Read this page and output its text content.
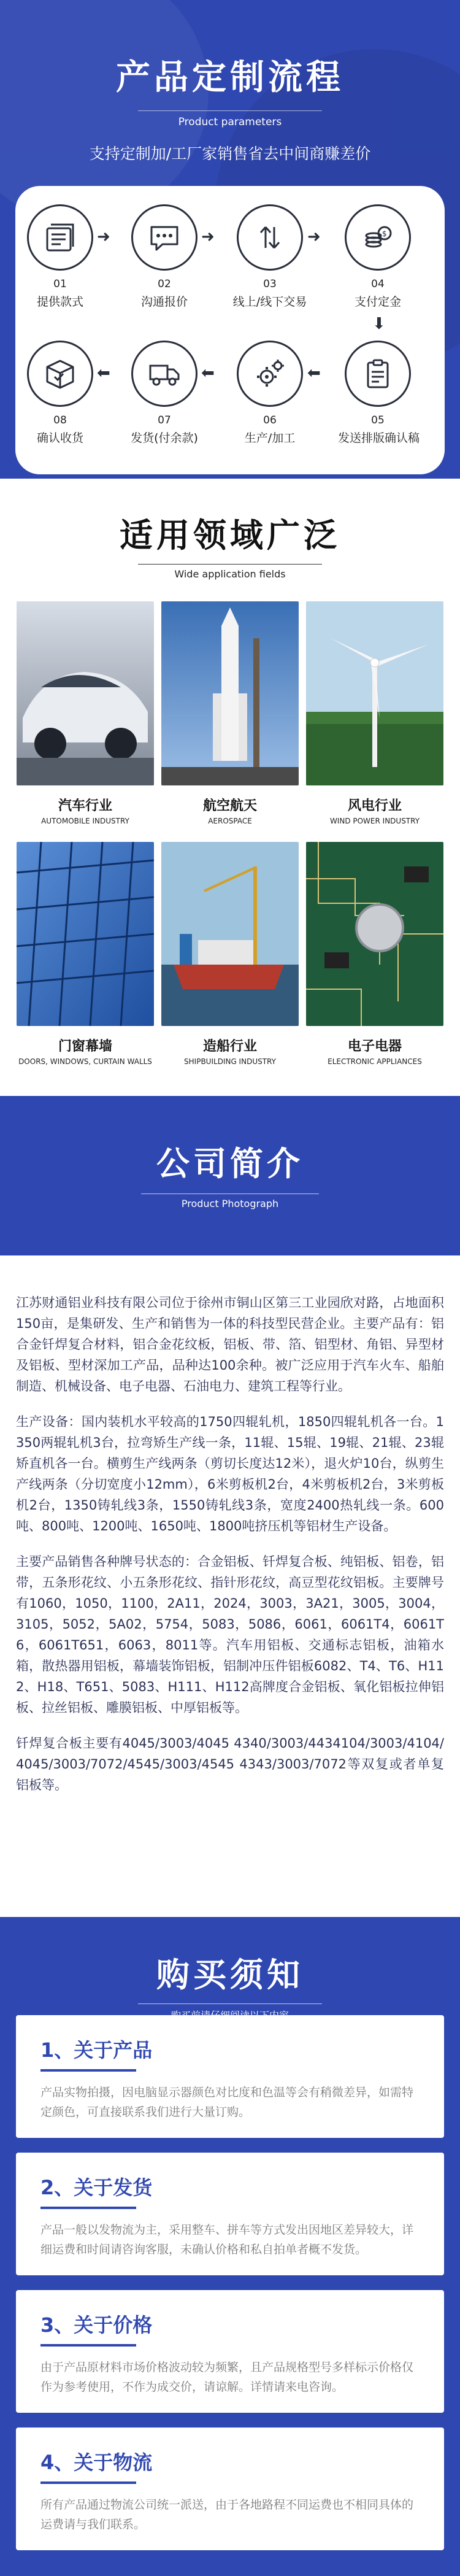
产品定制流程
Product parameters
支持定制加/工厂家销售省去中间商赚差价
01
提供款式
➜
02
沟通报价
➜
03
线上/线下交易
➜	$
04
支付定金
⬇
05
发送排版确认稿
⬅
06
生产/加工
⬅
07
发货(付余款)
⬅
08
确认收货
适用领域广泛
Wide application fields
汽车行业
AUTOMOBILE INDUSTRY
航空航天
AEROSPACE
风电行业
WIND POWER INDUSTRY
门窗幕墙
DOORS, WINDOWS, CURTAIN WALLS
造船行业
SHIPBUILDING INDUSTRY
电子电器
ELECTRONIC APPLIANCES
公司简介
Product Photograph

江苏财通铝业科技有限公司位于徐州市铜山区第三工业园欣对路，占地面积150亩，是集研发、生产和销售为一体的科技型民营企业。主要产品有：铝合金钎焊复合材料，铝合金花纹板，铝板、带、箔、铝型材、角铝、异型材及铝板、型材深加工产品，品种达100余种。被广泛应用于汽车火车、船舶制造、机械设备、电子电器、石油电力、建筑工程等行业。

生产设备：国内装机水平较高的1750四辊轧机，1850四辊轧机各一台。1350两辊轧机3台，拉弯矫生产线一条，11辊、15辊、19辊、21辊、23辊矫直机各一台。横剪生产线两条（剪切长度达12米），退火炉10台，纵剪生产线两条（分切宽度小12mm），6米剪板机2台，4米剪板机2台，3米剪板机2台，1350铸轧线3条，1550铸轧线3条，宽度2400热轧线一条。600吨、800吨、1200吨、1650吨、1800吨挤压机等铝材生产设备。

主要产品销售各种牌号状态的：合金铝板、钎焊复合板、纯铝板、铝卷，铝带，五条形花纹、小五条形花纹、指针形花纹，高豆型花纹铝板。主要牌号有1060，1050，1100，2A11，2024，3003，3A21，3005，3004，3105，5052，5A02，5754，5083，5086，6061，6061T4，6061T6，6061T651，6063，8011等。汽车用铝板、交通标志铝板，油箱水箱，散热器用铝板，幕墙装饰铝板，铝制冲压件铝板6082、T4、T6、H112、H18、T651、5083、H111、H112高牌度合金铝板、氧化铝板拉伸铝板、拉丝铝板、雕膜铝板、中厚铝板等。

钎焊复合板主要有4045/3003/4045 4340/3003/4434104/3003/4104/4045/3003/7072/4545/3003/4545 4343/3003/7072等双复或者单复铝板等。

购买须知
1、关于产品

产品实物拍摄，因电脑显示器颜色对比度和色温等会有稍微差异，如需特定颜色，可直接联系我们进行大量订购。

2、关于发货

产品一般以发物流为主，采用整车、拼车等方式发出因地区差异较大，详细运费和时间请咨询客服，未确认价格和私自拍单者概不发货。

3、关于价格

由于产品原材料市场价格波动较为频繁，且产品规格型号多样标示价格仅作为参考使用，不作为成交价，请谅解。详情请来电咨询。

4、关于物流

所有产品通过物流公司统一派送，由于各地路程不同运费也不相同具体的运费请与我们联系。
